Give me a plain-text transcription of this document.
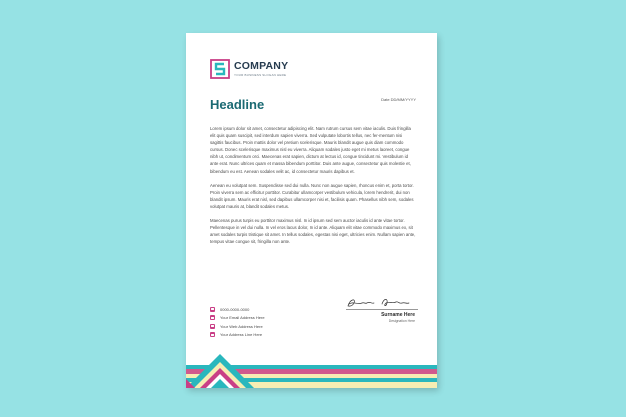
COMPANY
YOUR BUSINESS SLOGAN HERE
Headline	Date DD/MM/YYYY

Lorem ipsum dolor sit amet, consectetur adipiscing elit. Nam rutrum cursus sem vitae iaculis. Duis fringilla elit quis quam suscipit, sed interdum sapien viverra. Sed vulputate lobortis tellus, nec fer-mentum nisi sagittis faucibus. Proin mattis dolor vel pretium scelerisque. Mauris blandit augue quis diam commodo cursus. Donec scelerisque maximus nisl eu viverra. Aliquam sodales justo eget mi metus laoreet, congue nibh ut, condimentum orci. Maecenas erat sapien, dictum at lectus id, congue tincidunt mi. Vestibulum id ante erat. Nunc ultrices quam et massa bibendum porttitor. Duis ante augue, consectetur quis molestie et, bibendum eu est. Aenean sodales velit ac, id consectetur mauris dapibus et.

Aenean eu volutpat sem. Suspendisse sed dui nulla. Nunc non augue sapien, rhoncus enim et, porta tortor. Proin viverra sem ac efficitur porttitor. Curabitur ullamcorper vestibulum vehicula, lorem hendrerit, dui non blandit ipsum. Mauris erat nisl, sed dapibus ullamcorper nisi et, facilisis quam. Phasellus nibh sem, sodales volutpat mauris at, blandit sodales metus.

Maecenas purus turpis eu porttitor maximus nisl. In id ipsum sed sem auctor iaculis id ante vitae tortor. Pellentesque in vel dui nulla. In vel eros lacus dolor, In id ante. Aliquam elit vitae commodo maximus ex, sit amet sodales turpis tristique sit amet. In tellus sodales, egestas nisi eget, ultricies enim. Nullam sapien ante, tempus vitae congue sit, fringilla non ante.

0000-0000-0000
Your Email Address Here
Your Web Address Here
Your Address Line Here
Surname Here
Designation Here
